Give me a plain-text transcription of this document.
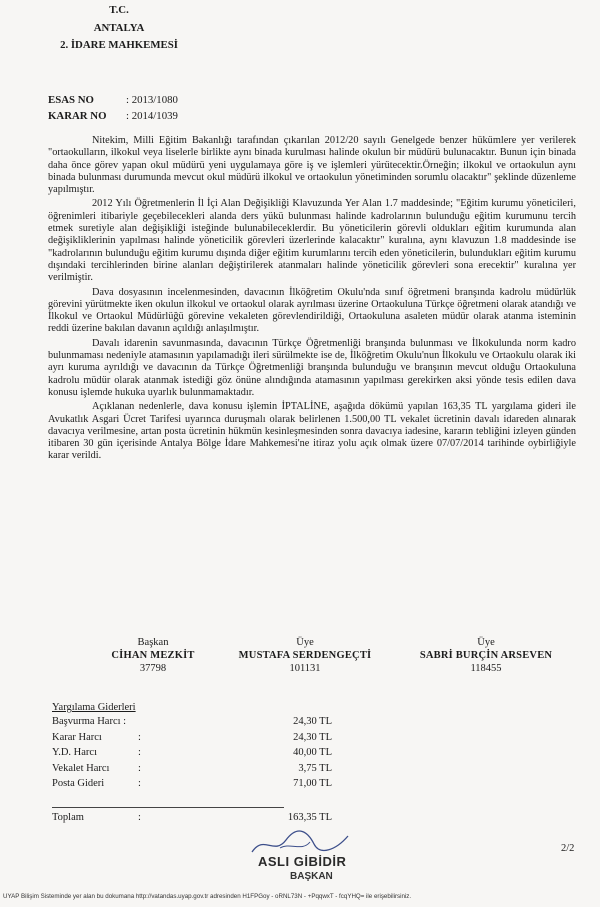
T.C.
ANTALYA
2. İDARE MAHKEMESİ
ESAS NO	: 2013/1080
KARAR NO	: 2014/1039

Nitekim, Milli Eğitim Bakanlığı tarafından çıkarılan 2012/20 sayılı Genelgede benzer hükümlere yer verilerek "ortaokulların, ilkokul veya liselerle birlikte aynı binada kurulması halinde okulun bir müdürü bulunacaktır. Bunun için binada daha önce görev yapan okul müdürü yeni uygulamaya göre iş ve işlemleri yürütecektir.Örneğin; ilkokul ve ortaokulun aynı binada bulunması durumunda mevcut okul müdürü ilkokul ve ortaokulun yönetiminden sorumlu olacaktır" şeklinde düzenleme yapılmıştır.

2012 Yılı Öğretmenlerin İl İçi Alan Değişikliği Klavuzunda Yer Alan 1.7 maddesinde; "Eğitim kurumu yöneticileri, öğrenimleri itibariyle geçebilecekleri alanda ders yükü bulunması halinde kadrolarının bulunduğu eğitim kurumunu tercih etmek suretiyle alan değişikliği isteğinde bulunabileceklerdir. Bu yöneticilerin görevli oldukları eğitim kurumunda alan değişikliklerinin yapılması halinde yöneticilik görevleri üzerlerinde kalacaktır" kuralına, aynı klavuzun 1.8 maddesinde ise "kadrolarının bulunduğu eğitim kurumu dışında diğer eğitim kurumlarını tercih eden yöneticilerin, bulundukları eğitim kurumu dışındaki tercihlerinden birine alanları değiştirilerek atanmaları halinde yöneticilik görevleri sona erecektir" kuralına yer verilmiştir.

Dava dosyasının incelenmesinden, davacının İlköğretim Okulu'nda sınıf öğretmeni branşında kadrolu müdürlük görevini yürütmekte iken okulun ilkokul ve ortaokul olarak ayrılması üzerine Ortaokuluna Türkçe öğretmeni olarak atandığı ve İlkokul ve Ortaokul Müdürlüğü görevine vekaleten görevlendirildiği, Ortaokuluna asaleten müdür olarak atanma isteminin reddi üzerine bakılan davanın açıldığı anlaşılmıştır.

Davalı idarenin savunmasında, davacının Türkçe Öğretmenliği branşında bulunması ve İlkokulunda norm kadro bulunmaması nedeniyle atamasının yapılamadığı ileri sürülmekte ise de, İlköğretim Okulu'nun İlkokulu ve Ortaokulu olarak iki ayrı kuruma ayrıldığı ve davacının da Türkçe Öğretmenliği branşında bulunduğu ve branşının mevcut olduğu Ortaokuluna kadrolu müdür olarak atanmak istediği göz önüne alındığında atamasının yapılması gerekirken aksi yönde tesis edilen dava konusu işlemde hukuka uyarlık bulunmamaktadır.

Açıklanan nedenlerle, dava konusu işlemin İPTALİNE, aşağıda dökümü yapılan 163,35 TL yargılama gideri ile Avukatlık Asgari Ücret Tarifesi uyarınca duruşmalı olarak belirlenen 1.500,00 TL vekalet ücretinin davalı idareden alınarak davacıya verilmesine, artan posta ücretinin hükmün kesinleşmesinden sonra davacıya iadesine, kararın tebliğini izleyen günden itibaren 30 gün içerisinde Antalya Bölge İdare Mahkemesi'ne itiraz yolu açık olmak üzere 07/07/2014 tarihinde oybirliğiyle karar verildi.

Başkan
CİHAN MEZKİT
37798
Üye
MUSTAFA SERDENGEÇTİ
101131
Üye
SABRİ BURÇİN ARSEVEN
118455
Yargılama Giderleri
Başvurma Harcı :	24,30 TL
Karar Harcı	:	24,30 TL
Y.D. Harcı	:	40,00 TL
Vekalet Harcı	:	3,75 TL
Posta Gideri	:	71,00 TL
Toplam	:	163,35 TL
ASLI GİBİDİR
BAŞKAN
2/2
UYAP Bilişim Sisteminde yer alan bu dokumana http://vatandas.uyap.gov.tr adresinden H1FPGoy - oRNL73N - +PqqwxT - fcqYHQ= ile erişebilirsiniz.
